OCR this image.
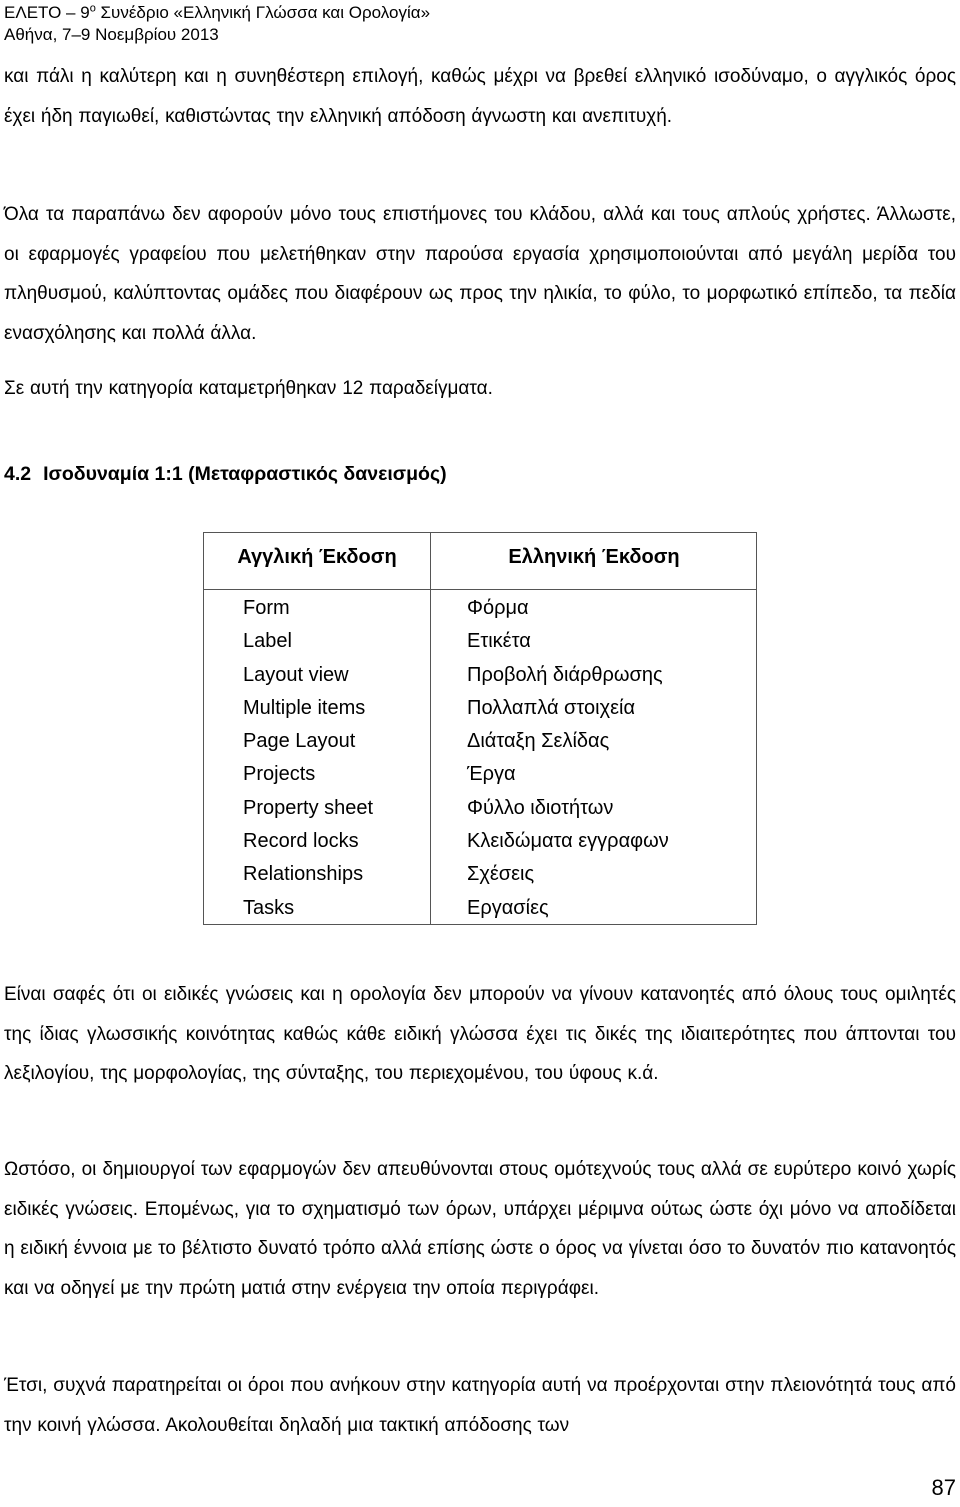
ΕΛΕΤΟ – $9^o$ Συνέδριο «Ελληνική Γλώσσα και Ορολογία»
Αθήνα, 7–9 Νοεμβρίου 2013
και πάλι η καλύτερη και η συνηθέστερη επιλογή, καθώς μέχρι να βρεθεί ελληνικό ισοδύναμο, ο αγγλικός όρος έχει ήδη παγιωθεί, καθιστώντας την ελληνική απόδοση άγνωστη και ανεπιτυχή.
Όλα τα παραπάνω δεν αφορούν μόνο τους επιστήμονες του κλάδου, αλλά και τους απλούς χρήστες. Άλλωστε, οι εφαρμογές γραφείου που μελετήθηκαν στην παρούσα εργασία χρησιμοποιούνται από μεγάλη μερίδα του πληθυσμού, καλύπτοντας ομάδες που διαφέρουν ως προς την ηλικία, το φύλο, το μορφωτικό επίπεδο, τα πεδία ενασχόλησης και πολλά άλλα.
Σε αυτή την κατηγορία καταμετρήθηκαν 12 παραδείγματα.
4.2 Ισοδυναμία 1:1 (Μεταφραστικός δανεισμός)
Αγγλική Έκδοση	Ελληνική Έκδοση
Form	Φόρμα
Label	Ετικέτα
Layout view	Προβολή διάρθρωσης
Multiple items	Πολλαπλά στοιχεία
Page Layout	Διάταξη Σελίδας
Projects	Έργα
Property sheet	Φύλλο ιδιοτήτων
Record locks	Κλειδώματα εγγραφων
Relationships	Σχέσεις
Tasks	Εργασίες
Είναι σαφές ότι οι ειδικές γνώσεις και η ορολογία δεν μπορούν να γίνουν κατανοητές από όλους τους ομιλητές της ίδιας γλωσσικής κοινότητας καθώς κάθε ειδική γλώσσα έχει τις δικές της ιδιαιτερότητες που άπτονται του λεξιλογίου, της μορφολογίας, της σύνταξης, του περιεχομένου, του ύφους κ.ά.
Ωστόσο, οι δημιουργοί των εφαρμογών δεν απευθύνονται στους ομότεχνούς τους αλλά σε ευρύτερο κοινό χωρίς ειδικές γνώσεις. Επομένως, για το σχηματισμό των όρων, υπάρχει μέριμνα ούτως ώστε όχι μόνο να αποδίδεται η ειδική έννοια με το βέλτιστο δυνατό τρόπο αλλά επίσης ώστε ο όρος να γίνεται όσο το δυνατόν πιο κατανοητός και να οδηγεί με την πρώτη ματιά στην ενέργεια την οποία περιγράφει.
Έτσι, συχνά παρατηρείται οι όροι που ανήκουν στην κατηγορία αυτή να προέρχονται στην πλειονότητά τους από την κοινή γλώσσα. Ακολουθείται δηλαδή μια τακτική απόδοσης των
87
